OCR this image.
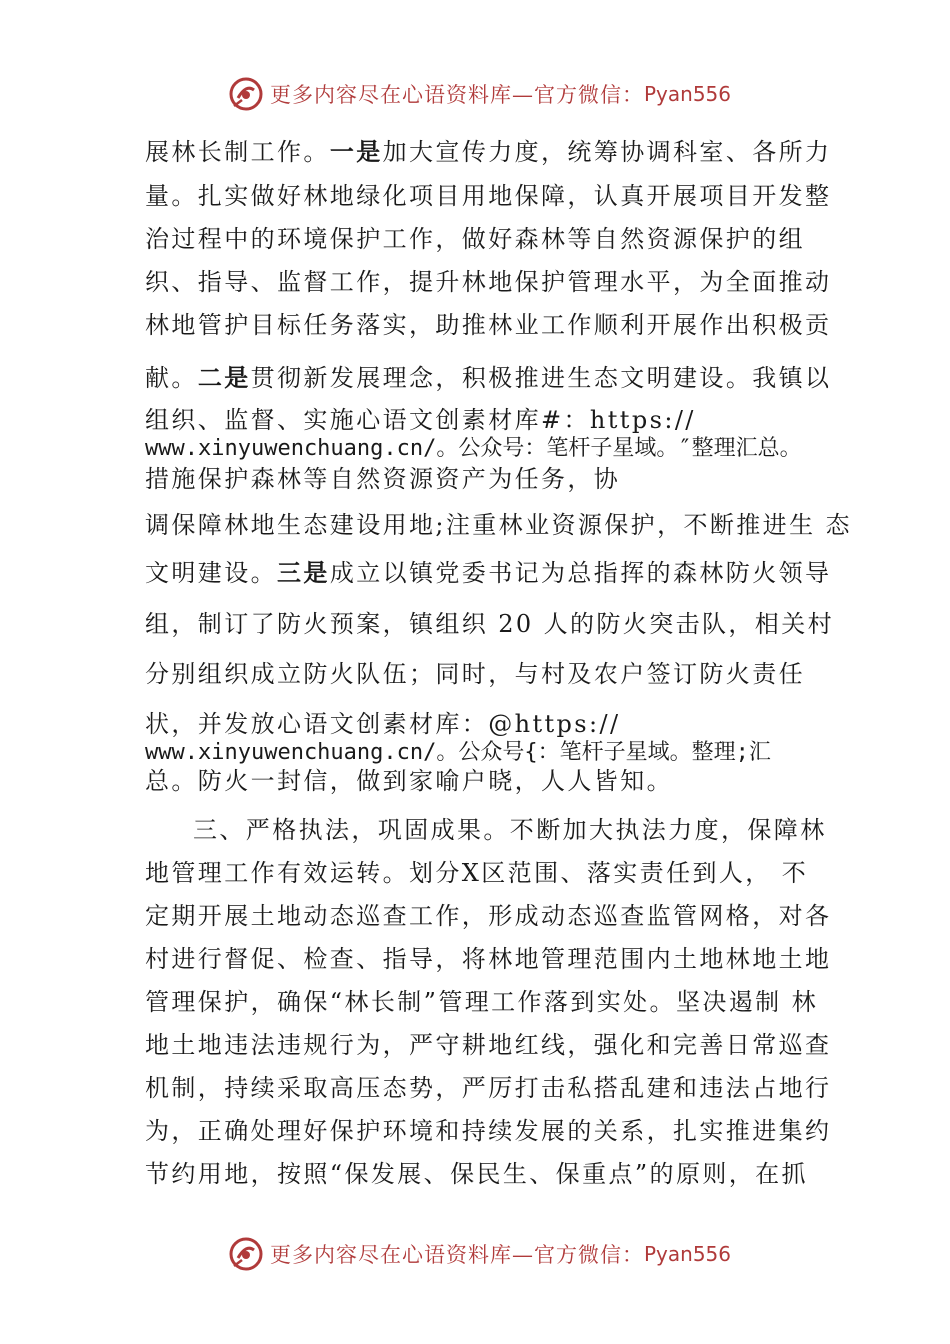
更多内容尽在心语资料库—官方微信： Pyan556
展林长制工作。一是加大宣传力度，统筹协调科室、各所力
量。扎实做好林地绿化项目用地保障，认真开展项目开发整
治过程中的环境保护工作，做好森林等自然资源保护的组
织、指导、监督工作，提升林地保护管理水平，为全面推动
林地管护目标任务落实，助推林业工作顺利开展作出积极贡
献。二是贯彻新发展理念，积极推进生态文明建设。我镇以
组织、监督、实施心语文创素材库#：https://
www.xinyuwenchuang.cn/。公众号：笔杆子星域。″整理汇总。
措施保护森林等自然资源资产为任务，协
调保障林地生态建设用地;注重林业资源保护，不断推进生 态
文明建设。三是成立以镇党委书记为总指挥的森林防火领导
组，制订了防火预案，镇组织 20 人的防火突击队，相关村
分别组织成立防火队伍；同时，与村及农户签订防火责任
状，并发放心语文创素材库：@https://
www.xinyuwenchuang.cn/。公众号{：笔杆子星域。整理;汇
总。防火一封信，做到家喻户晓，人人皆知。
三、严格执法，巩固成果。不断加大执法力度，保障林
地管理工作有效运转。划分X区范围、落实责任到人， 不
定期开展土地动态巡查工作，形成动态巡查监管网格，对各
村进行督促、检查、指导，将林地管理范围内土地林地土地
管理保护，确保“林长制”管理工作落到实处。坚决遏制 林
地土地违法违规行为，严守耕地红线，强化和完善日常巡查
机制，持续采取高压态势，严厉打击私搭乱建和违法占地行
为，正确处理好保护环境和持续发展的关系，扎实推进集约
节约用地，按照“保发展、保民生、保重点”的原则，在抓
更多内容尽在心语资料库—官方微信： Pyan556
